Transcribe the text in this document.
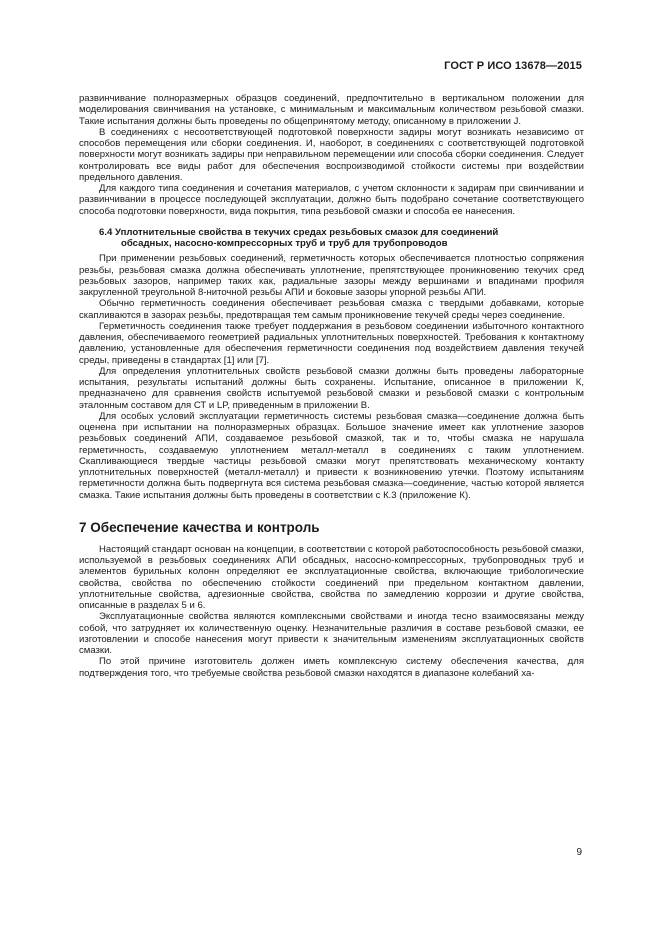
ГОСТ Р ИСО 13678—2015

развинчивание полноразмерных образцов соединений, предпочтительно в вертикальном положении для моделирования свинчивания на установке, с минимальным и максимальным количеством резьбовой смазки. Такие испытания должны быть проведены по общепринятому методу, описанному в приложении J.

В соединениях с несоответствующей подготовкой поверхности задиры могут возникать независимо от способов перемещения или сборки соединения. И, наоборот, в соединениях с соответствующей подготовкой поверхности могут возникать задиры при неправильном перемещении или способа сборки соединения. Следует контролировать все виды работ для обеспечения воспроизводимой стойкости системы при воздействии предельного давления.

Для каждого типа соединения и сочетания материалов, с учетом склонности к задирам при свинчивании и развинчивании в процессе последующей эксплуатации, должно быть подобрано сочетание соответствующего способа подготовки поверхности, вида покрытия, типа резьбовой смазки и способа ее нанесения.

6.4 Уплотнительные свойства в текучих средах резьбовых смазок для соединений
обсадных, насосно-компрессорных труб и труб для трубопроводов

При применении резьбовых соединений, герметичность которых обеспечивается плотностью сопряжения резьбы, резьбовая смазка должна обеспечивать уплотнение, препятствующее проникновению текучих сред резьбовых зазоров, например таких как, радиальные зазоры между вершинами и впадинами профиля закругленной треугольной 8-ниточной резьбы АПИ и боковые зазоры упорной резьбы АПИ.

Обычно герметичность соединения обеспечивает резьбовая смазка с твердыми добавками, которые скапливаются в зазорах резьбы, предотвращая тем самым проникновение текучей среды через соединение.

Герметичность соединения также требует поддержания в резьбовом соединении избыточного контактного давления, обеспечиваемого геометрией радиальных уплотнительных поверхностей. Требования к контактному давлению, установленные для обеспечения герметичности соединения под воздействием давления текучей среды, приведены в стандартах [1] или [7].

Для определения уплотнительных свойств резьбовой смазки должны быть проведены лабораторные испытания, результаты испытаний должны быть сохранены. Испытание, описанное в приложении К, предназначено для сравнения свойств испытуемой резьбовой смазки и резьбовой смазки с контрольным эталонным составом для СТ и LP, приведенным в приложении В.

Для особых условий эксплуатации герметичность системы резьбовая смазка—соединение должна быть оценена при испытании на полноразмерных образцах. Большое значение имеет как уплотнение зазоров резьбовых соединений АПИ, создаваемое резьбовой смазкой, так и то, чтобы смазка не нарушала герметичность, создаваемую уплотнением металл-металл в соединениях с таким уплотнением. Скапливающиеся твердые частицы резьбовой смазки могут препятствовать механическому контакту уплотнительных поверхностей (металл-металл) и привести к возникновению утечки. Поэтому испытаниям герметичности должна быть подвергнута вся система резьбовая смазка—соединение, частью которой является смазка. Такие испытания должны быть проведены в соответствии с К.3 (приложение К).

7 Обеспечение качества и контроль

Настоящий стандарт основан на концепции, в соответствии с которой работоспособность резьбовой смазки, используемой в резьбовых соединениях АПИ обсадных, насосно-компрессорных, трубопроводных труб и элементов бурильных колонн определяют ее эксплуатационные свойства, включающие трибологические свойства, свойства по обеспечению стойкости соединений при предельном контактном давлении, уплотнительные свойства, адгезионные свойства, свойства по замедлению коррозии и другие свойства, описанные в разделах 5 и 6.

Эксплуатационные свойства являются комплексными свойствами и иногда тесно взаимосвязаны между собой, что затрудняет их количественную оценку. Незначительные различия в составе резьбовой смазки, ее изготовлении и способе нанесения могут привести к значительным изменениям эксплуатационных свойств смазки.

По этой причине изготовитель должен иметь комплексную систему обеспечения качества, для подтверждения того, что требуемые свойства резьбовой смазки находятся в диапазоне колебаний ха-

9
